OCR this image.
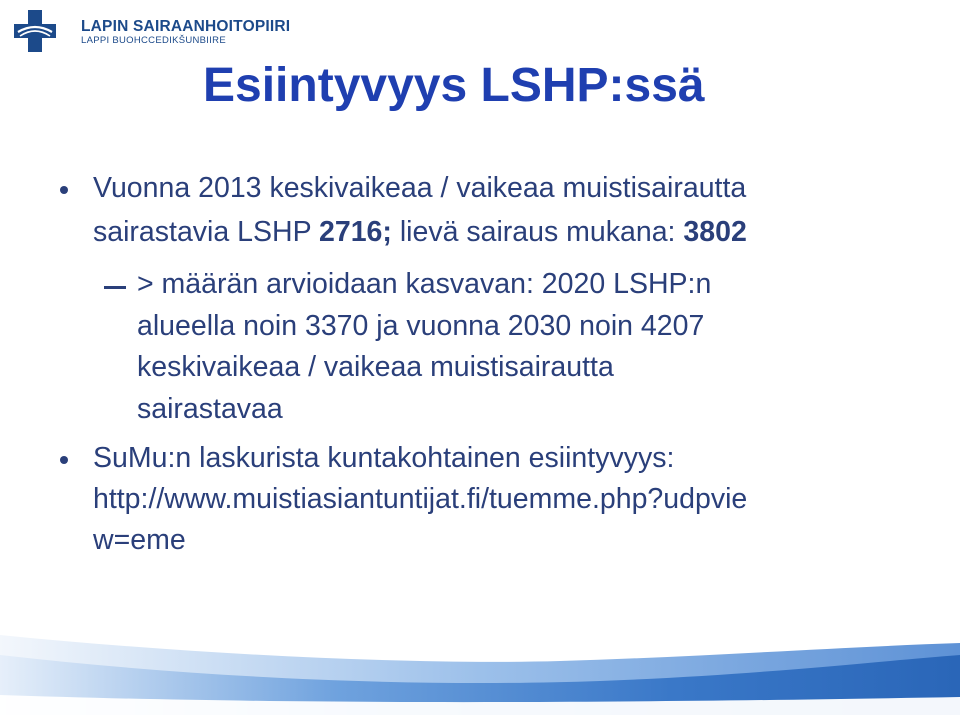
LAPIN SAIRAANHOITOPIIRI
LAPPI BUOHCCEDIKŠUNBIIRE
Esiintyvyys LSHP:ssä
Vuonna 2013 keskivaikeaa / vaikeaa muistisairautta
sairastavia LSHP 2716; lievä sairaus mukana: 3802
> määrän arvioidaan kasvavan: 2020 LSHP:n
alueella noin 3370 ja vuonna 2030 noin 4207
keskivaikeaa / vaikeaa muistisairautta
sairastavaa
SuMu:n laskurista kuntakohtainen esiintyvyys:
http://www.muistiasiantuntijat.fi/tuemme.php?udpvie
w=eme
